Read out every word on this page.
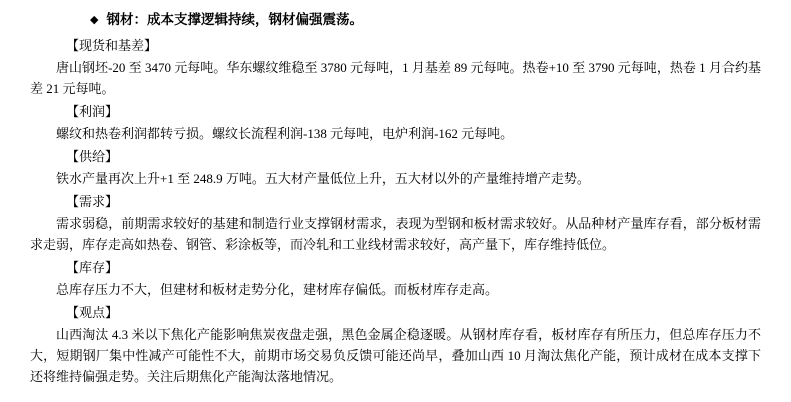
◆ 钢材：成本支撑逻辑持续，钢材偏强震荡。
【现货和基差】
唐山钢坯-20 至 3470 元每吨。华东螺纹维稳至 3780 元每吨，1 月基差 89 元每吨。热卷+10 至 3790 元每吨，热卷 1 月合约基差 21 元每吨。
【利润】
螺纹和热卷利润都转亏损。螺纹长流程利润-138 元每吨，电炉利润-162 元每吨。
【供给】
铁水产量再次上升+1 至 248.9 万吨。五大材产量低位上升，五大材以外的产量维持增产走势。
【需求】
需求弱稳，前期需求较好的基建和制造行业支撑钢材需求，表现为型钢和板材需求较好。从品种材产量库存看，部分板材需求走弱，库存走高如热卷、钢管、彩涂板等，而冷轧和工业线材需求较好，高产量下，库存维持低位。
【库存】
总库存压力不大，但建材和板材走势分化，建材库存偏低。而板材库存走高。
【观点】
山西淘汰 4.3 米以下焦化产能影响焦炭夜盘走强，黑色金属企稳逐暖。从钢材库存看，板材库存有所压力，但总库存压力不大，短期钢厂集中性减产可能性不大，前期市场交易负反馈可能还尚早，叠加山西 10 月淘汰焦化产能，预计成材在成本支撑下还将维持偏强走势。关注后期焦化产能淘汰落地情况。
